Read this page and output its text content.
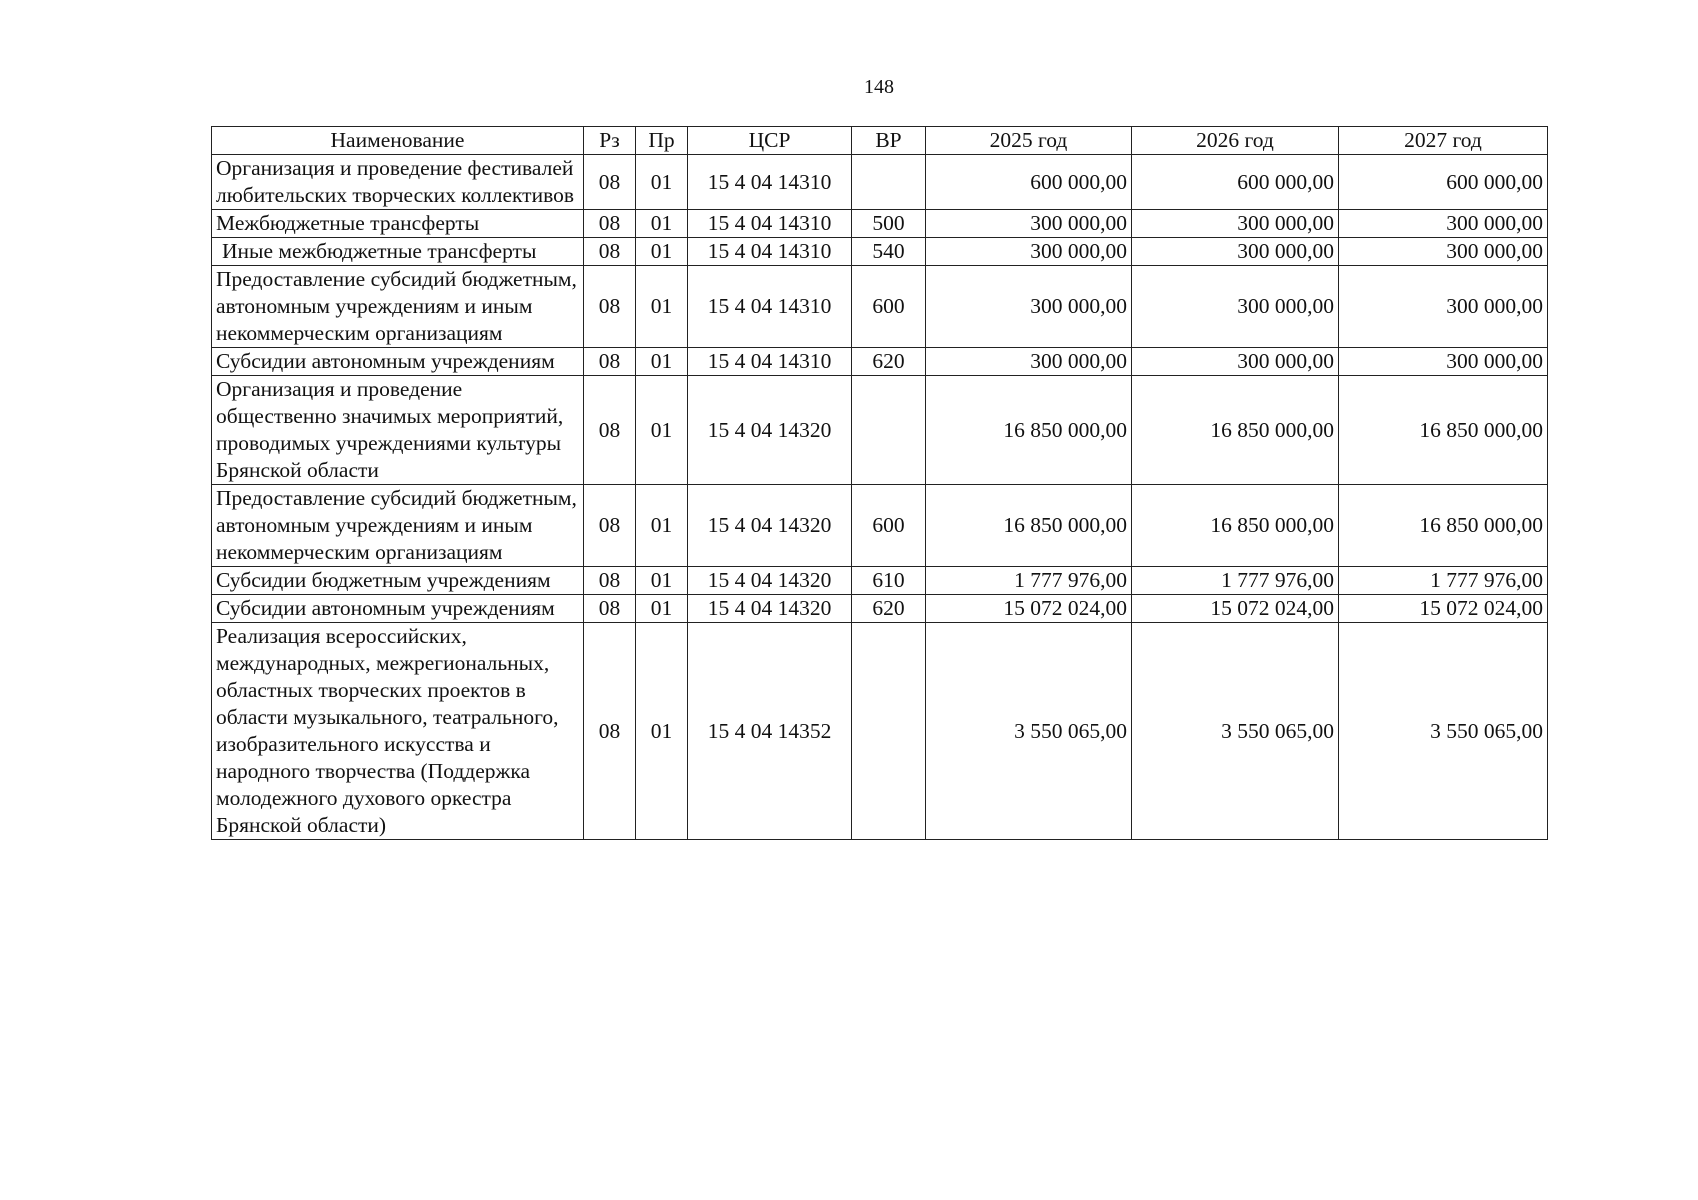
148
Наименование	Рз	Пр	ЦСР	ВР	2025 год	2026 год	2027 год
Организация и проведение фестивалей любительских творческих коллективов	08	01	15 4 04 14310		600 000,00	600 000,00	600 000,00
Межбюджетные трансферты	08	01	15 4 04 14310	500	300 000,00	300 000,00	300 000,00
Иные межбюджетные трансферты	08	01	15 4 04 14310	540	300 000,00	300 000,00	300 000,00
Предоставление субсидий бюджетным, автономным учреждениям и иным некоммерческим организациям	08	01	15 4 04 14310	600	300 000,00	300 000,00	300 000,00
Субсидии автономным учреждениям	08	01	15 4 04 14310	620	300 000,00	300 000,00	300 000,00
Организация и проведение общественно значимых мероприятий, проводимых учреждениями культуры Брянской области	08	01	15 4 04 14320		16 850 000,00	16 850 000,00	16 850 000,00
Предоставление субсидий бюджетным, автономным учреждениям и иным некоммерческим организациям	08	01	15 4 04 14320	600	16 850 000,00	16 850 000,00	16 850 000,00
Субсидии бюджетным учреждениям	08	01	15 4 04 14320	610	1 777 976,00	1 777 976,00	1 777 976,00
Субсидии автономным учреждениям	08	01	15 4 04 14320	620	15 072 024,00	15 072 024,00	15 072 024,00
Реализация всероссийских, международных, межрегиональных, областных творческих проектов в области музыкального, театрального, изобразительного искусства и народного творчества (Поддержка молодежного духового оркестра Брянской области)	08	01	15 4 04 14352		3 550 065,00	3 550 065,00	3 550 065,00
